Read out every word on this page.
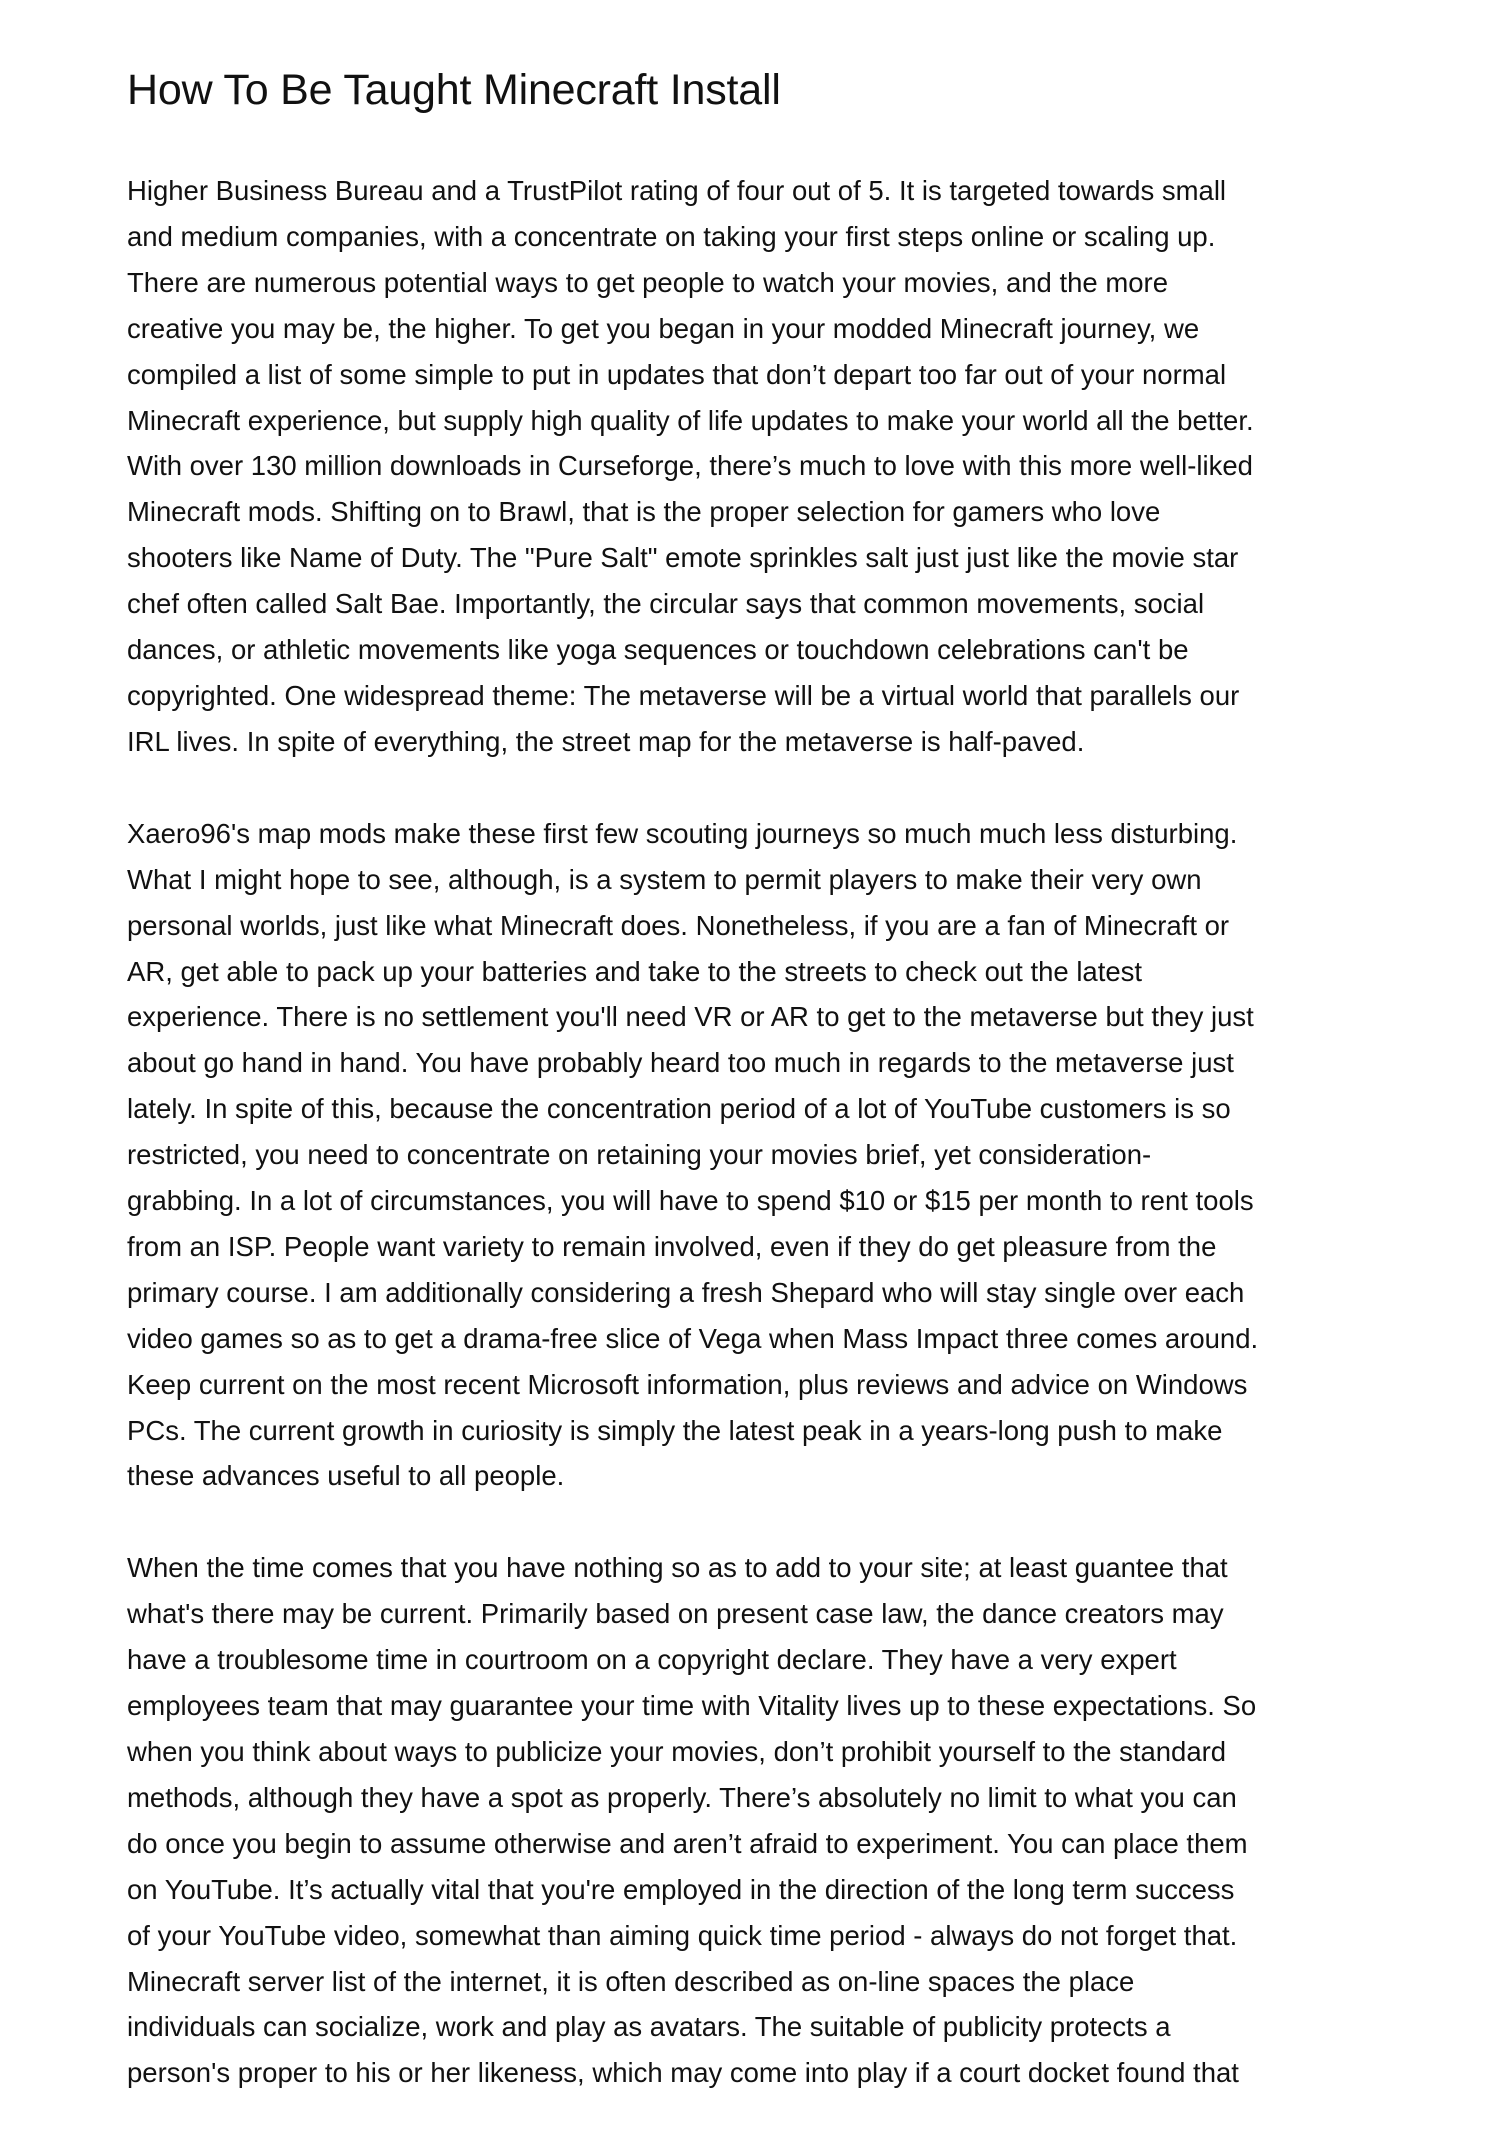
How To Be Taught Minecraft Install

Higher Business Bureau and a TrustPilot rating of four out of 5. It is targeted towards small
and medium companies, with a concentrate on taking your first steps online or scaling up.
There are numerous potential ways to get people to watch your movies, and the more
creative you may be, the higher. To get you began in your modded Minecraft journey, we
compiled a list of some simple to put in updates that don’t depart too far out of your normal
Minecraft experience, but supply high quality of life updates to make your world all the better.
With over 130 million downloads in Curseforge, there’s much to love with this more well-liked
Minecraft mods. Shifting on to Brawl, that is the proper selection for gamers who love
shooters like Name of Duty. The "Pure Salt" emote sprinkles salt just just like the movie star
chef often called Salt Bae. Importantly, the circular says that common movements, social
dances, or athletic movements like yoga sequences or touchdown celebrations can't be
copyrighted. One widespread theme: The metaverse will be a virtual world that parallels our
IRL lives. In spite of everything, the street map for the metaverse is half-paved.

Xaero96's map mods make these first few scouting journeys so much much less disturbing.
What I might hope to see, although, is a system to permit players to make their very own
personal worlds, just like what Minecraft does. Nonetheless, if you are a fan of Minecraft or
AR, get able to pack up your batteries and take to the streets to check out the latest
experience. There is no settlement you'll need VR or AR to get to the metaverse but they just
about go hand in hand. You have probably heard too much in regards to the metaverse just
lately. In spite of this, because the concentration period of a lot of YouTube customers is so
restricted, you need to concentrate on retaining your movies brief, yet consideration-
grabbing. In a lot of circumstances, you will have to spend $10 or $15 per month to rent tools
from an ISP. People want variety to remain involved, even if they do get pleasure from the
primary course. I am additionally considering a fresh Shepard who will stay single over each
video games so as to get a drama-free slice of Vega when Mass Impact three comes around.
Keep current on the most recent Microsoft information, plus reviews and advice on Windows
PCs. The current growth in curiosity is simply the latest peak in a years-long push to make
these advances useful to all people.

When the time comes that you have nothing so as to add to your site; at least guantee that
what's there may be current. Primarily based on present case law, the dance creators may
have a troublesome time in courtroom on a copyright declare. They have a very expert
employees team that may guarantee your time with Vitality lives up to these expectations. So
when you think about ways to publicize your movies, don’t prohibit yourself to the standard
methods, although they have a spot as properly. There’s absolutely no limit to what you can
do once you begin to assume otherwise and aren’t afraid to experiment. You can place them
on YouTube. It’s actually vital that you're employed in the direction of the long term success
of your YouTube video, somewhat than aiming quick time period - always do not forget that.
Minecraft server list of the internet, it is often described as on-line spaces the place
individuals can socialize, work and play as avatars. The suitable of publicity protects a
person's proper to his or her likeness, which may come into play if a court docket found that
